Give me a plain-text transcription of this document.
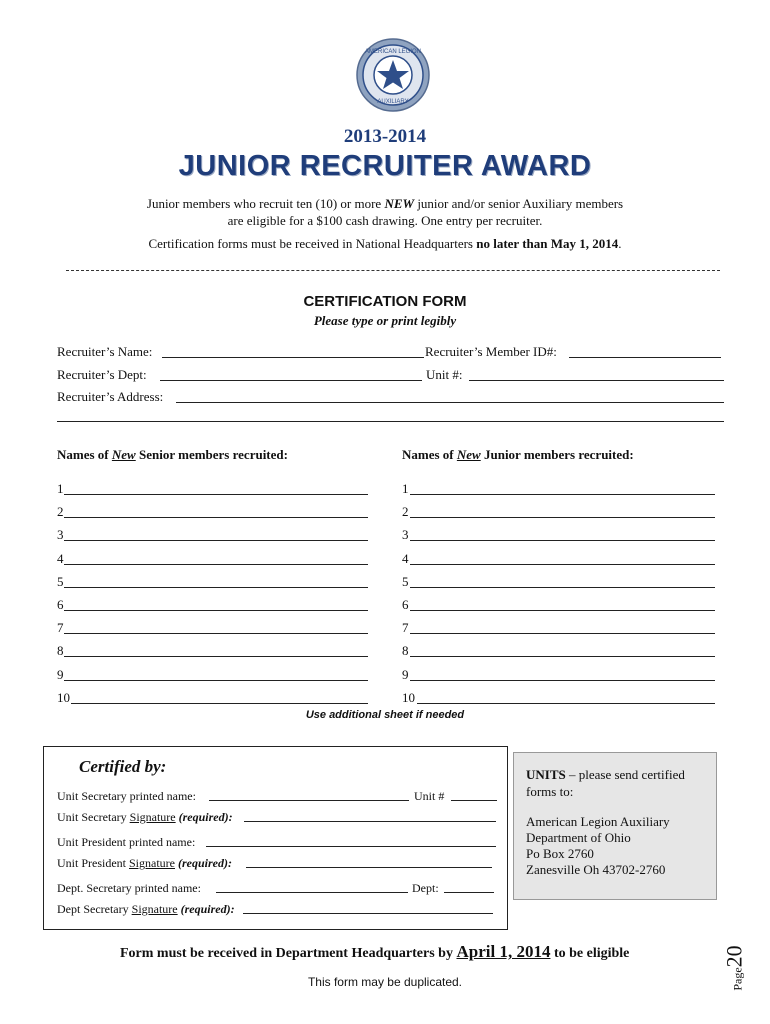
AMERICAN LEGION
AUXILIARY
2013-2014
JUNIOR RECRUITER AWARD
Junior members who recruit ten (10) or more NEW junior and/or senior Auxiliary members
are eligible for a $100 cash drawing. One entry per recruiter.
Certification forms must be received in National Headquarters no later than May 1, 2014.
CERTIFICATION FORM
Please type or print legibly
Recruiter’s Name:	Recruiter’s Member ID#:
Recruiter’s Dept:	Unit #:
Recruiter’s Address:
Names of New Senior members recruited:	Names of New Junior members recruited:
1
2
3
4
5
6
7
8
9
10
1
2
3
4
5
6
7
8
9
10
Use additional sheet if needed
Certified by:
Unit Secretary printed name:	Unit #
Unit Secretary Signature (required):
Unit President printed name:
Unit President Signature (required):
Dept. Secretary printed name:	Dept:
Dept Secretary Signature (required):
UNITS – please send certified
forms to:
American Legion Auxiliary
Department of Ohio
Po Box 2760
Zanesville Oh 43702-2760
Form must be received in Department Headquarters by April 1, 2014 to be eligible
This form may be duplicated.	Page20
